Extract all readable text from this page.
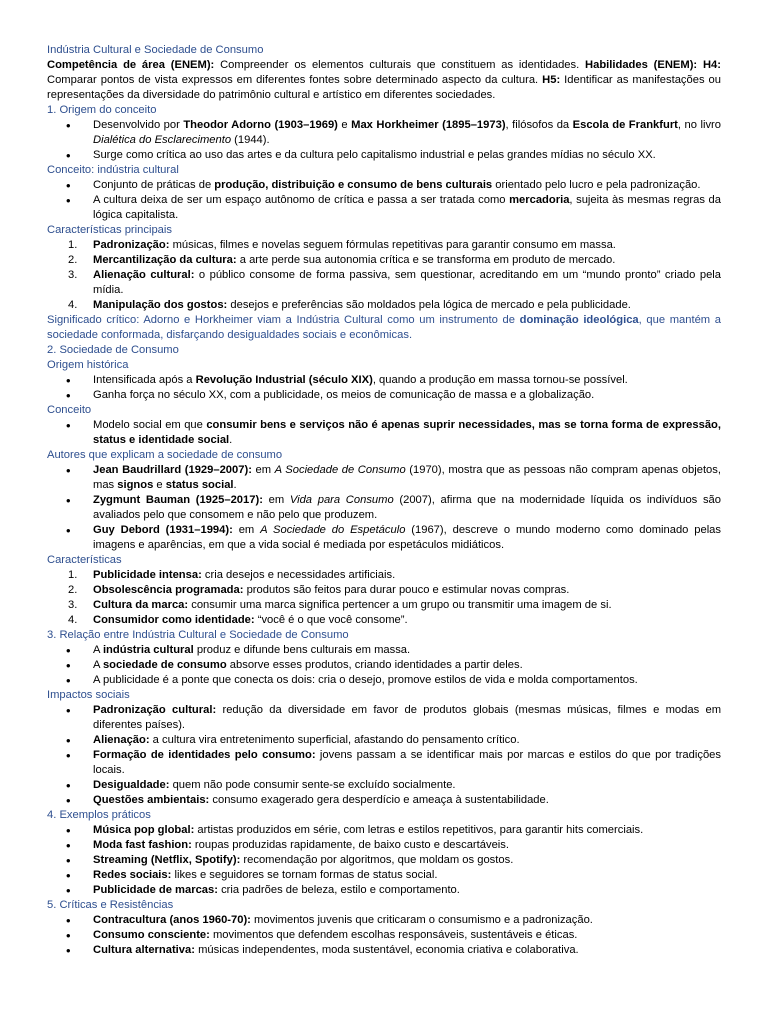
Indústria Cultural e Sociedade de Consumo

Competência de área (ENEM): Compreender os elementos culturais que constituem as identidades. Habilidades (ENEM): H4: Comparar pontos de vista expressos em diferentes fontes sobre determinado aspecto da cultura. H5: Identificar as manifestações ou representações da diversidade do patrimônio cultural e artístico em diferentes sociedades.

1. Origem do conceito

•	Desenvolvido por Theodor Adorno (1903–1969) e Max Horkheimer (1895–1973), filósofos da Escola de Frankfurt, no livro Dialética do Esclarecimento (1944).
•	Surge como crítica ao uso das artes e da cultura pelo capitalismo industrial e pelas grandes mídias no século XX.

Conceito: indústria cultural

•	Conjunto de práticas de produção, distribuição e consumo de bens culturais orientado pelo lucro e pela padronização.
•	A cultura deixa de ser um espaço autônomo de crítica e passa a ser tratada como mercadoria, sujeita às mesmas regras da lógica capitalista.

Características principais

1.	Padronização: músicas, filmes e novelas seguem fórmulas repetitivas para garantir consumo em massa.
2.	Mercantilização da cultura: a arte perde sua autonomia crítica e se transforma em produto de mercado.
3.	Alienação cultural: o público consome de forma passiva, sem questionar, acreditando em um “mundo pronto” criado pela mídia.
4.	Manipulação dos gostos: desejos e preferências são moldados pela lógica de mercado e pela publicidade.

Significado crítico: Adorno e Horkheimer viam a Indústria Cultural como um instrumento de dominação ideológica, que mantém a sociedade conformada, disfarçando desigualdades sociais e econômicas.

2. Sociedade de Consumo

Origem histórica

•	Intensificada após a Revolução Industrial (século XIX), quando a produção em massa tornou-se possível.
•	Ganha força no século XX, com a publicidade, os meios de comunicação de massa e a globalização.

Conceito

•	Modelo social em que consumir bens e serviços não é apenas suprir necessidades, mas se torna forma de expressão, status e identidade social.

Autores que explicam a sociedade de consumo

•	Jean Baudrillard (1929–2007): em A Sociedade de Consumo (1970), mostra que as pessoas não compram apenas objetos, mas signos e status social.
•	Zygmunt Bauman (1925–2017): em Vida para Consumo (2007), afirma que na modernidade líquida os indivíduos são avaliados pelo que consomem e não pelo que produzem.
•	Guy Debord (1931–1994): em A Sociedade do Espetáculo (1967), descreve o mundo moderno como dominado pelas imagens e aparências, em que a vida social é mediada por espetáculos midiáticos.

Características

1.	Publicidade intensa: cria desejos e necessidades artificiais.
2.	Obsolescência programada: produtos são feitos para durar pouco e estimular novas compras.
3.	Cultura da marca: consumir uma marca significa pertencer a um grupo ou transmitir uma imagem de si.
4.	Consumidor como identidade: “você é o que você consome”.

3. Relação entre Indústria Cultural e Sociedade de Consumo

•	A indústria cultural produz e difunde bens culturais em massa.
•	A sociedade de consumo absorve esses produtos, criando identidades a partir deles.
•	A publicidade é a ponte que conecta os dois: cria o desejo, promove estilos de vida e molda comportamentos.

Impactos sociais

•	Padronização cultural: redução da diversidade em favor de produtos globais (mesmas músicas, filmes e modas em diferentes países).
•	Alienação: a cultura vira entretenimento superficial, afastando do pensamento crítico.
•	Formação de identidades pelo consumo: jovens passam a se identificar mais por marcas e estilos do que por tradições locais.
•	Desigualdade: quem não pode consumir sente-se excluído socialmente.
•	Questões ambientais: consumo exagerado gera desperdício e ameaça à sustentabilidade.

4. Exemplos práticos

•	Música pop global: artistas produzidos em série, com letras e estilos repetitivos, para garantir hits comerciais.
•	Moda fast fashion: roupas produzidas rapidamente, de baixo custo e descartáveis.
•	Streaming (Netflix, Spotify): recomendação por algoritmos, que moldam os gostos.
•	Redes sociais: likes e seguidores se tornam formas de status social.
•	Publicidade de marcas: cria padrões de beleza, estilo e comportamento.

5. Críticas e Resistências

•	Contracultura (anos 1960-70): movimentos juvenis que criticaram o consumismo e a padronização.
•	Consumo consciente: movimentos que defendem escolhas responsáveis, sustentáveis e éticas.
•	Cultura alternativa: músicas independentes, moda sustentável, economia criativa e colaborativa.
